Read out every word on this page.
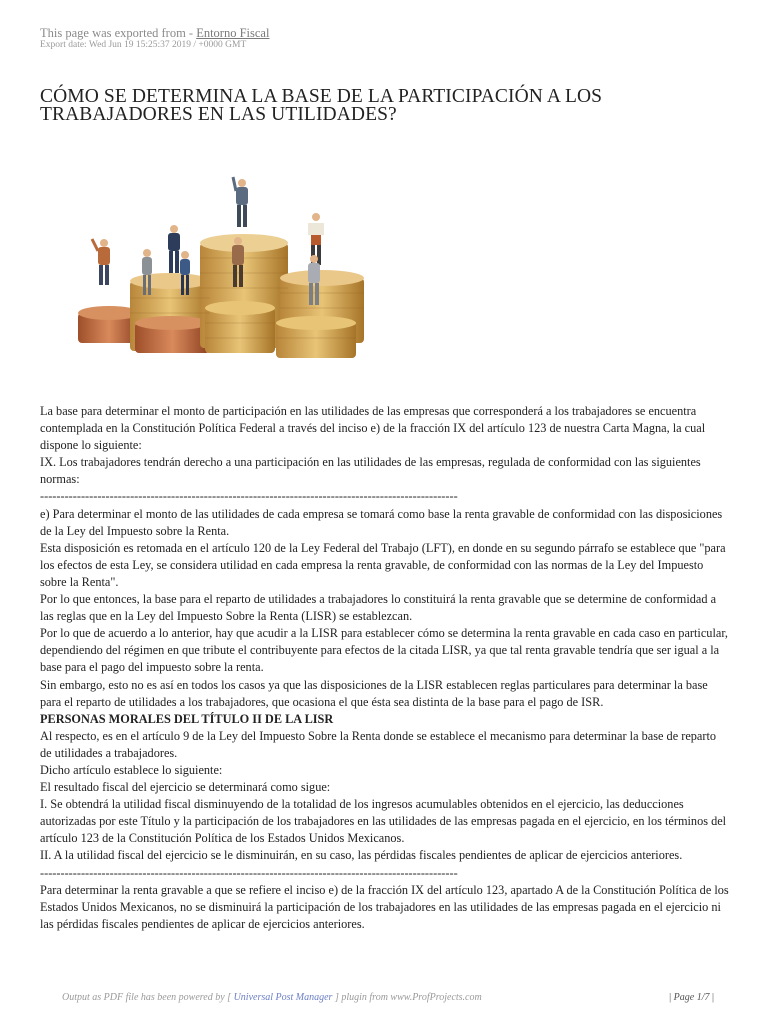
This page was exported from - Entorno Fiscal
Export date: Wed Jun 19 15:25:37 2019 / +0000 GMT
CÓMO SE DETERMINA LA BASE DE LA PARTICIPACIÓN A LOS
TRABAJADORES EN LAS UTILIDADES?

La base para determinar el monto de participación en las utilidades de las empresas que corresponderá a los trabajadores se encuentra contemplada en la Constitución Política Federal a través del inciso e) de la fracción IX del artículo 123 de nuestra Carta Magna, la cual dispone lo siguiente:

IX. Los trabajadores tendrán derecho a una participación en las utilidades de las empresas, regulada de conformidad con las siguientes normas:

------------------------------------------------------------------------------------------------------

e) Para determinar el monto de las utilidades de cada empresa se tomará como base la renta gravable de conformidad con las disposiciones de la Ley del Impuesto sobre la Renta.

Esta disposición es retomada en el artículo 120 de la Ley Federal del Trabajo (LFT), en donde en su segundo párrafo se establece que "para los efectos de esta Ley, se considera utilidad en cada empresa la renta gravable, de conformidad con las normas de la Ley del Impuesto sobre la Renta".

Por lo que entonces, la base para el reparto de utilidades a trabajadores lo constituirá la renta gravable que se determine de conformidad a las reglas que en la Ley del Impuesto Sobre la Renta (LISR) se establezcan.

Por lo que de acuerdo a lo anterior, hay que acudir a la LISR para establecer cómo se determina la renta gravable en cada caso en particular, dependiendo del régimen en que tribute el contribuyente para efectos de la citada LISR, ya que tal renta gravable tendría que ser igual a la base para el pago del impuesto sobre la renta.

Sin embargo, esto no es así en todos los casos ya que las disposiciones de la LISR establecen reglas particulares para determinar la base para el reparto de utilidades a los trabajadores, que ocasiona el que ésta sea distinta de la base para el pago de ISR.

PERSONAS MORALES DEL TÍTULO II DE LA LISR

Al respecto, es en el artículo 9 de la Ley del Impuesto Sobre la Renta donde se establece el mecanismo para determinar la base de reparto de utilidades a trabajadores.

Dicho artículo establece lo siguiente:

El resultado fiscal del ejercicio se determinará como sigue:

I. Se obtendrá la utilidad fiscal disminuyendo de la totalidad de los ingresos acumulables obtenidos en el ejercicio, las deducciones autorizadas por este Título y la participación de los trabajadores en las utilidades de las empresas pagada en el ejercicio, en los términos del artículo 123 de la Constitución Política de los Estados Unidos Mexicanos.

II. A la utilidad fiscal del ejercicio se le disminuirán, en su caso, las pérdidas fiscales pendientes de aplicar de ejercicios anteriores.

------------------------------------------------------------------------------------------------------

Para determinar la renta gravable a que se refiere el inciso e) de la fracción IX del artículo 123, apartado A de la Constitución Política de los Estados Unidos Mexicanos, no se disminuirá la participación de los trabajadores en las utilidades de las empresas pagada en el ejercicio ni las pérdidas fiscales pendientes de aplicar de ejercicios anteriores.

Output as PDF file has been powered by [ Universal Post Manager ] plugin from www.ProfProjects.com	| Page 1/7 |
